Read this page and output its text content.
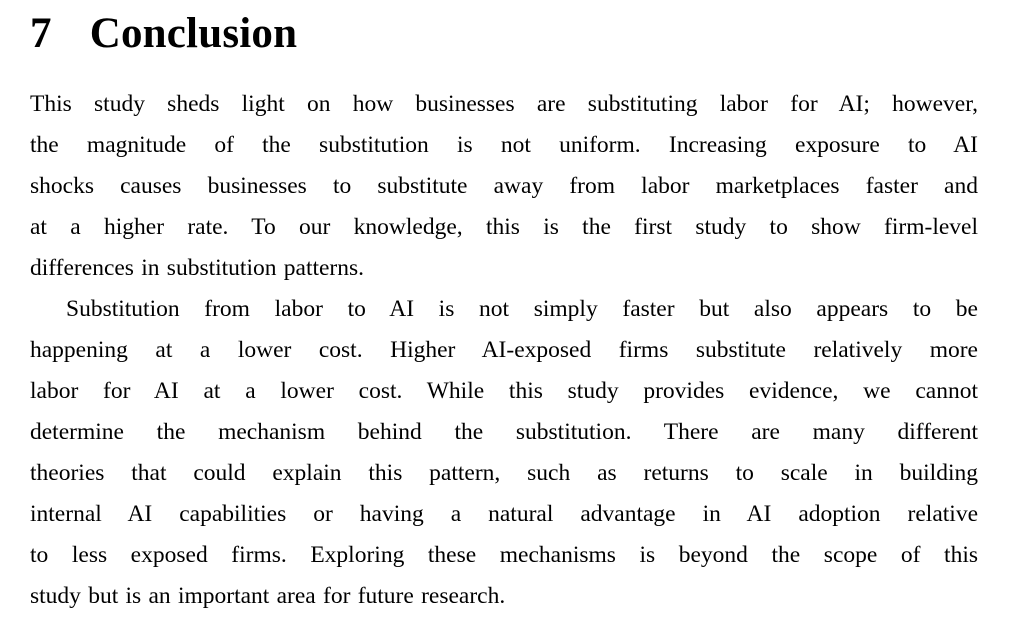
7 Conclusion
This study sheds light on how businesses are substituting labor for AI; however,
the magnitude of the substitution is not uniform. Increasing exposure to AI
shocks causes businesses to substitute away from labor marketplaces faster and
at a higher rate. To our knowledge, this is the first study to show firm-level
differences in substitution patterns.
Substitution from labor to AI is not simply faster but also appears to be
happening at a lower cost. Higher AI-exposed firms substitute relatively more
labor for AI at a lower cost. While this study provides evidence, we cannot
determine the mechanism behind the substitution. There are many different
theories that could explain this pattern, such as returns to scale in building
internal AI capabilities or having a natural advantage in AI adoption relative
to less exposed firms. Exploring these mechanisms is beyond the scope of this
study but is an important area for future research.
